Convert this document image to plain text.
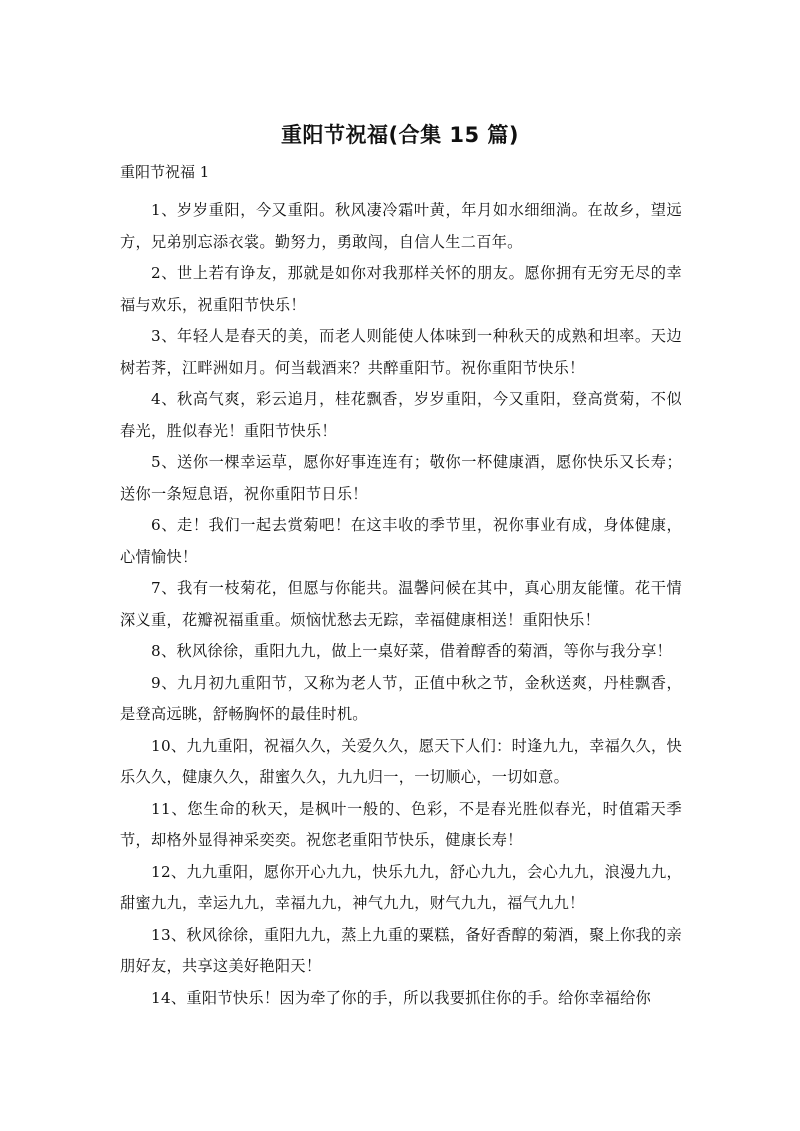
重阳节祝福(合集 15 篇)
重阳节祝福 1

1、岁岁重阳，今又重阳。秋风凄冷霜叶黄，年月如水细细淌。在故乡，望远方，兄弟别忘添衣裳。勤努力，勇敢闯，自信人生二百年。

2、世上若有诤友，那就是如你对我那样关怀的朋友。愿你拥有无穷无尽的幸福与欢乐，祝重阳节快乐！

3、年轻人是春天的美，而老人则能使人体味到一种秋天的成熟和坦率。天边树若荠，江畔洲如月。何当载酒来？共醉重阳节。祝你重阳节快乐！

4、秋高气爽，彩云追月，桂花飘香，岁岁重阳，今又重阳，登高赏菊，不似春光，胜似春光！重阳节快乐！

5、送你一棵幸运草，愿你好事连连有；敬你一杯健康酒，愿你快乐又长寿；送你一条短息语，祝你重阳节日乐！

6、走！我们一起去赏菊吧！在这丰收的季节里，祝你事业有成，身体健康，心情愉快！

7、我有一枝菊花，但愿与你能共。温馨问候在其中，真心朋友能懂。花干情深义重，花瓣祝福重重。烦恼忧愁去无踪，幸福健康相送！重阳快乐！

8、秋风徐徐，重阳九九，做上一桌好菜，借着醇香的菊酒，等你与我分享！

9、九月初九重阳节，又称为老人节，正值中秋之节，金秋送爽，丹桂飘香，是登高远眺，舒畅胸怀的最佳时机。

10、九九重阳，祝福久久，关爱久久，愿天下人们：时逢九九，幸福久久，快乐久久，健康久久，甜蜜久久，九九归一，一切顺心，一切如意。

11、您生命的秋天，是枫叶一般的、色彩，不是春光胜似春光，时值霜天季节，却格外显得神采奕奕。祝您老重阳节快乐，健康长寿！

12、九九重阳，愿你开心九九，快乐九九，舒心九九，会心九九，浪漫九九，甜蜜九九，幸运九九，幸福九九，神气九九，财气九九，福气九九！

13、秋风徐徐，重阳九九，蒸上九重的粟糕，备好香醇的菊酒，聚上你我的亲朋好友，共享这美好艳阳天！

14、重阳节快乐！因为牵了你的手，所以我要抓住你的手。给你幸福给你
